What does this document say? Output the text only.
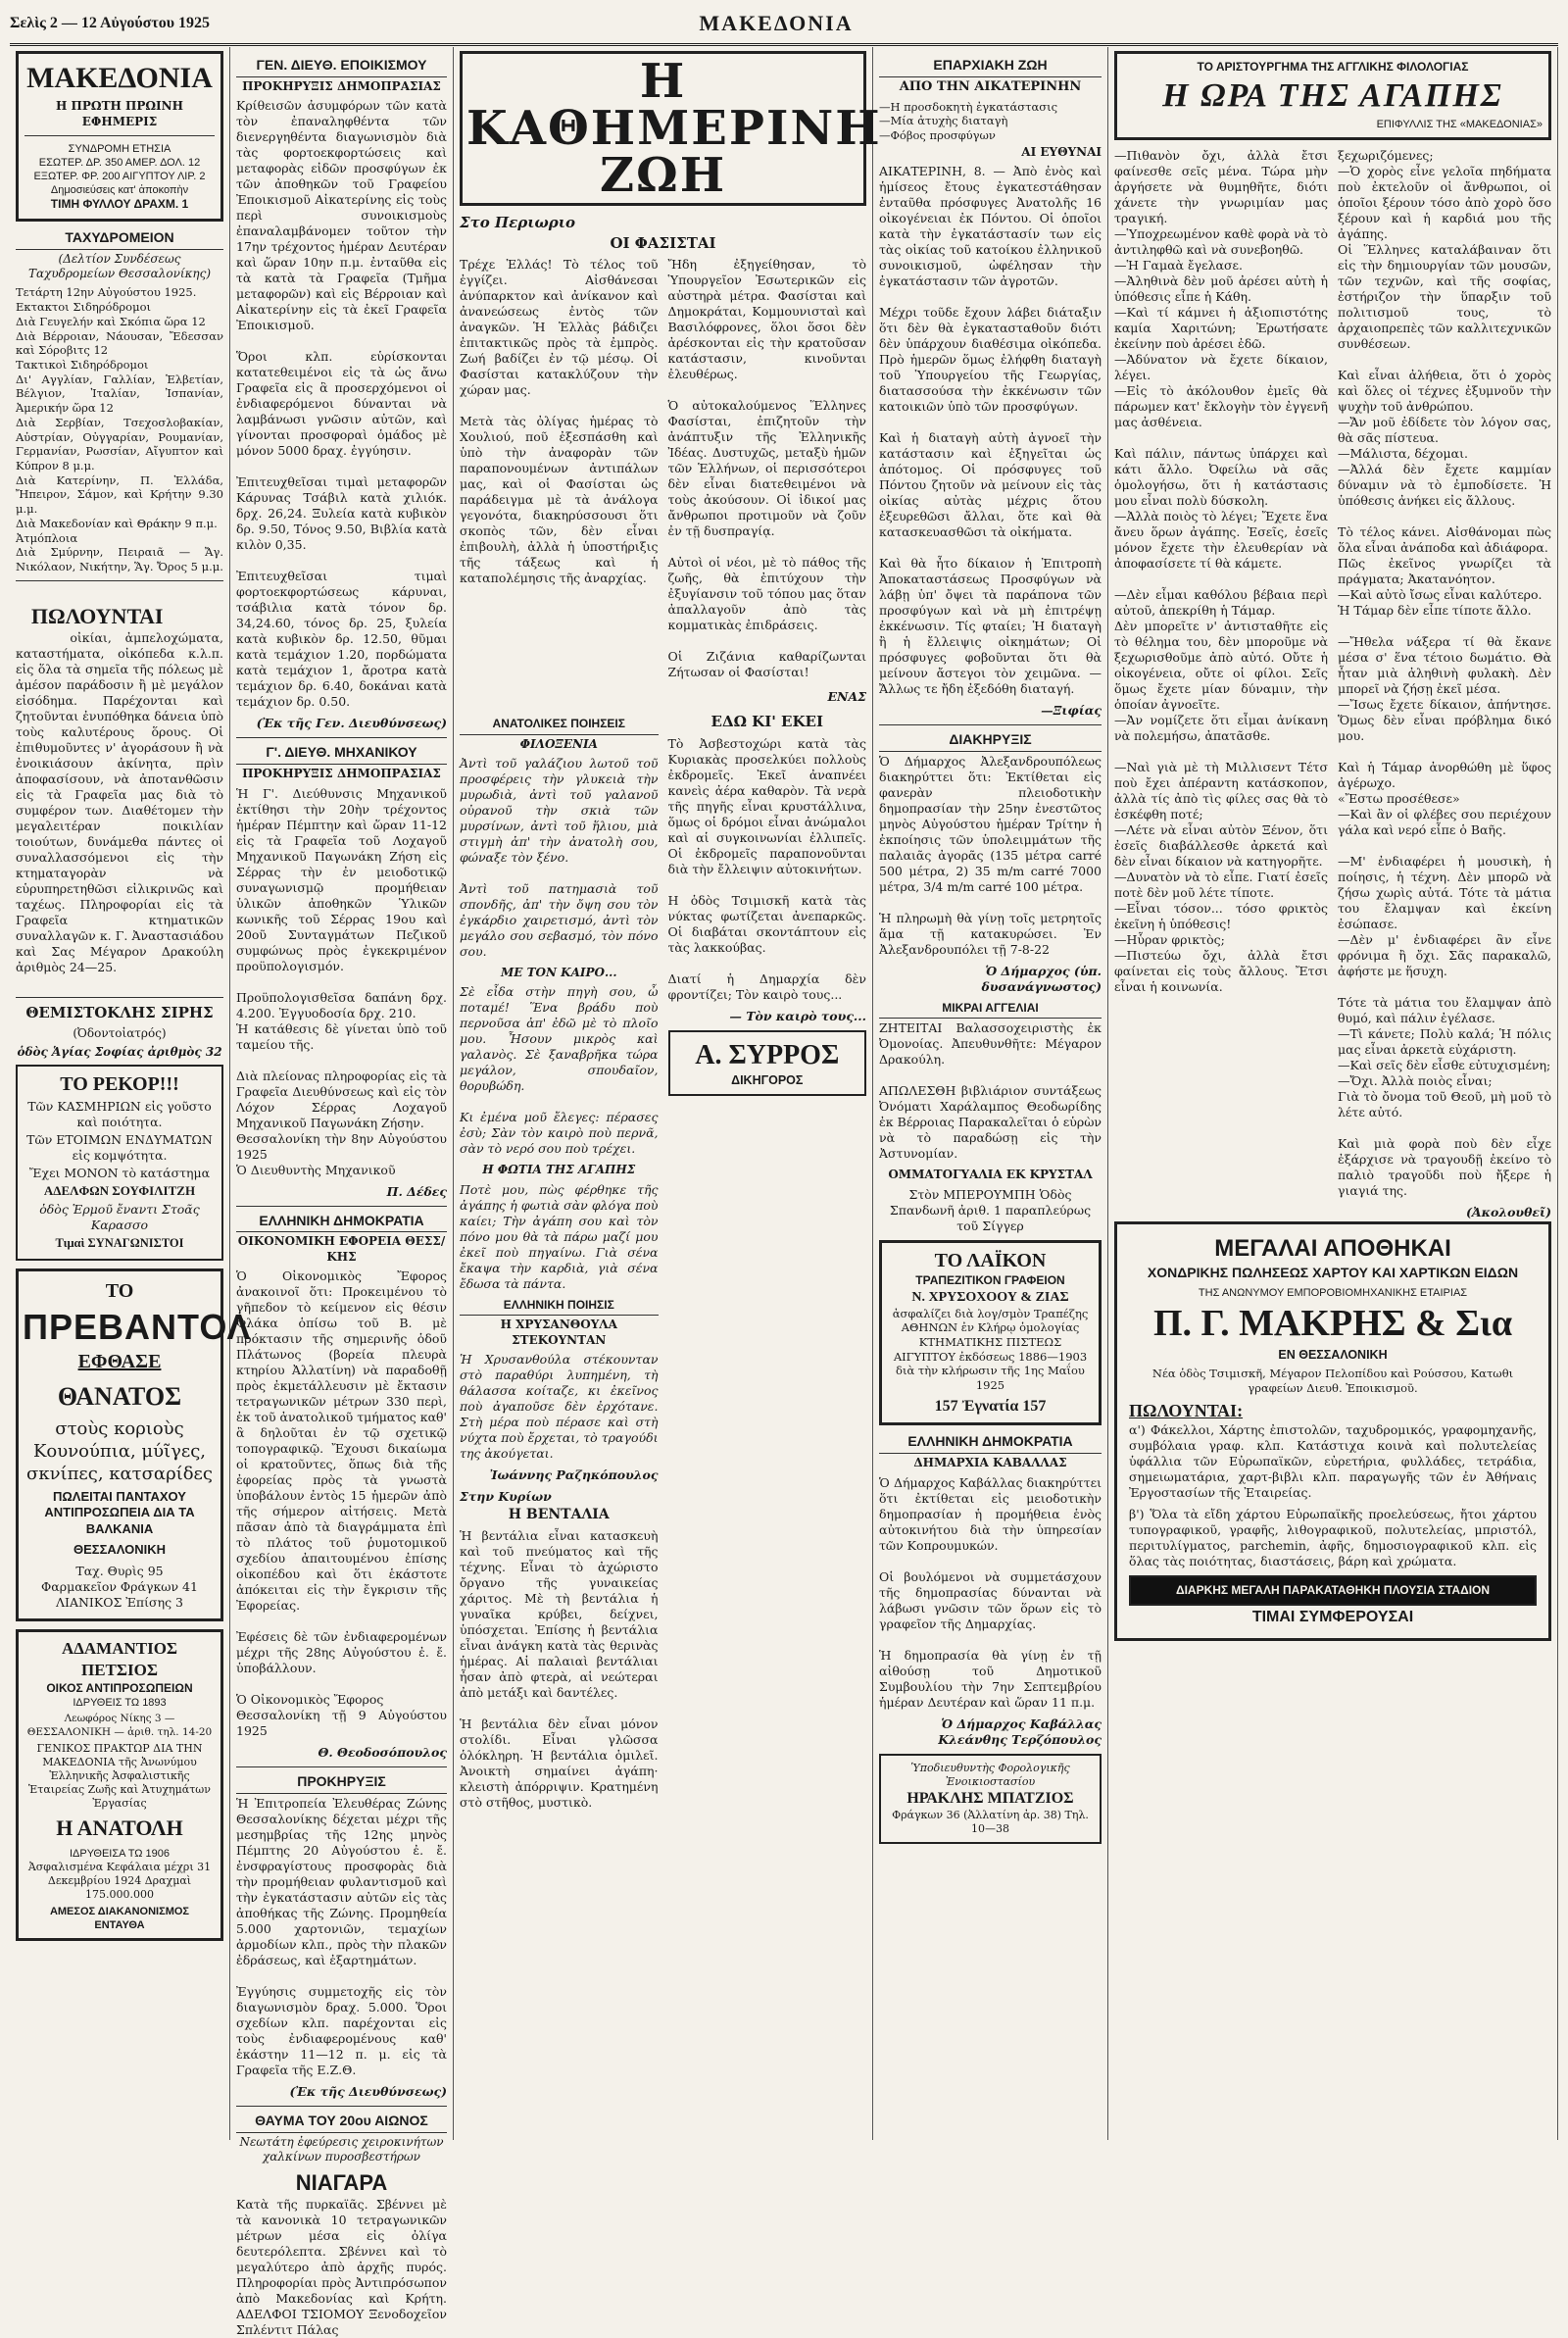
Σελὶς 2 — 12 Αὐγούστου 1925	ΜΑΚΕΔΟΝΙΑ
ΜΑΚΕΔΟΝΙΑ
Η ΠΡΩΤΗ ΠΡΩΙΝΗ ΕΦΗΜΕΡΙΣ
ΣΥΝΔΡΟΜΗ ΕΤΗΣΙΑ
ΕΣΩΤΕΡ. ΔΡ. 350 ΑΜΕΡ. ΔΟΛ. 12
ΕΞΩΤΕΡ. ΦΡ. 200 ΑΙΓΥΠΤΟΥ ΛΙΡ. 2
Δημοσιεύσεις κατ' ἀποκοπὴν
ΤΙΜΗ ΦΥΛΛΟΥ ΔΡΑΧΜ. 1
ΤΑΧΥΔΡΟΜΕΙΟΝ
(Δελτίον Συνδέσεως Ταχυδρομείων Θεσσαλονίκης)
Τετάρτη 12ην Αὐγούστου 1925.
Εκτακτοι Σιδηρόδρομοι
Διὰ Γευγελήν καὶ Σκόπια ὥρα 12
Διὰ Βέρροιαν, Νάουσαν, Ἔδεσσαν καὶ Σόροβιτς 12
Τακτικοὶ Σιδηρόδρομοι
Δι' Αγγλίαν, Γαλλίαν, Ἑλβετίαν, Βέλγιον, Ἰταλίαν, Ἰσπανίαν, Ἀμερικήν ὥρα 12
Διὰ Σερβίαν, Τσεχοσλοβακίαν, Αὐστρίαν, Οὐγγαρίαν, Ρουμανίαν, Γερμανίαν, Ρωσσίαν, Αἴγυπτον καὶ Κύπρον 8 μ.μ.
Διὰ Κατερίνην, Π. Ἑλλάδα, Ἤπειρον, Σάμον, καὶ Κρήτην 9.30 μ.μ.
Διὰ Μακεδονίαν καὶ Θράκην 9 π.μ.
Ἀτμόπλοια
Διὰ Σμύρνην, Πειραιᾶ — Ἄγ. Νικόλαον, Νικήτην, Ἅγ. Ὄρος 5 μ.μ.

ΠΩΛΟΥΝΤΑΙ
οἰκίαι, ἀμπελοχώματα, καταστήματα, οἰκόπεδα κ.λ.π. εἰς ὅλα τὰ σημεῖα τῆς πόλεως μὲ ἀμέσον παράδοσιν ἢ μὲ μεγάλον εἰσόδημα. Παρέχονται καὶ ζητοῦνται ἐνυπόθηκα δάνεια ὑπὸ τοὺς καλυτέρους ὅρους. Οἱ ἐπιθυμοῦντες ν' ἀγοράσουν ἢ νὰ ἐνοικιάσουν ἀκίνητα, πρὶν ἀποφασίσουν, νὰ ἀποτανθῶσιν εἰς τὰ Γραφεῖα μας διὰ τὸ συμφέρον των. Διαθέτομεν τὴν μεγαλειτέραν ποικιλίαν τοιούτων, δυνάμεθα πάντες οἱ συναλλασσόμενοι εἰς τὴν κτηματαγορὰν νὰ εὑρυπηρετηθῶσι εἰλικρινῶς καὶ ταχέως. Πληροφορίαι εἰς τὰ Γραφεῖα κτηματικῶν συναλλαγῶν κ. Γ. Ἀναστασιάδου καὶ Σας Μέγαρον Δρακούλη ἀριθμὸς 24—25.

ΘΕΜΙΣΤΟΚΛΗΣ ΣΙΡΗΣ
(Ὀδοντοἰατρός)
ὁδὸς Ἁγίας Σοφίας ἀριθμὸς 32
ΤΟ ΡΕΚΟΡ!!!
Τῶν ΚΑΣΜΗΡΙΩΝ εἰς γοῦστο καὶ ποιότητα.
Τῶν ΕΤΟΙΜΩΝ ΕΝΔΥΜΑΤΩΝ εἰς κομψότητα.
Ἔχει ΜΟΝΟΝ τὸ κατάστημα
ΑΔΕΛΦΩΝ ΣΟΥΦΙΛΙΤΖΗ
ὁδὸς Ἑρμοῦ ἔναντι Στοᾶς Καρασσο
Τιμαὶ ΣΥΝΑΓΩΝΙΣΤΟΙ
ΤΟ
ΠΡΕΒΑΝΤΟΛ
ΕΦΘΑΣΕ
ΘΑΝΑΤΟΣ
στοὺς κοριοὺς Κουνούπια, μύῖγες, σκνίπες, κατσαρίδες
ΠΩΛΕΙΤΑΙ ΠΑΝΤΑΧΟΥ
ΑΝΤΙΠΡΟΣΩΠΕΙΑ ΔΙΑ ΤΑ ΒΑΛΚΑΝΙΑ
ΘΕΣΣΑΛΟΝΙΚΗ
Ταχ. Θυρὶς 95
Φαρμακεῖον Φράγκων 41
ΛΙΑΝΙΚΟΣ Ἐπίσης 3
ΑΔΑΜΑΝΤΙΟΣ ΠΕΤΣΙΟΣ
ΟΙΚΟΣ ΑΝΤΙΠΡΟΣΩΠΕΙΩΝ
ΙΔΡΥΘΕΙΣ ΤΩ 1893
Λεωφόρος Νίκης 3 — ΘΕΣΣΑΛΟΝΙΚΗ — ἀριθ. τηλ. 14-20
ΓΕΝΙΚΟΣ ΠΡΑΚΤΩΡ ΔΙΑ ΤΗΝ ΜΑΚΕΔΟΝΙΑ τῆς Ἀνωνύμου Ἑλληνικῆς Ἀσφαλιστικῆς Ἑταιρείας Ζωῆς καὶ Ἀτυχημάτων Ἐργασίας
Η ΑΝΑΤΟΛΗ
ΙΔΡΥΘΕΙΣΑ ΤΩ 1906
Ἀσφαλισμένα Κεφάλαια μέχρι 31 Δεκεμβρίου 1924 Δραχμαὶ 175.000.000
ΑΜΕΣΟΣ ΔΙΑΚΑΝΟΝΙΣΜΟΣ ΕΝΤΑΥΘΑ
ΓΕΝ. ΔΙΕΥΘ. ΕΠΟΙΚΙΣΜΟΥ
ΠΡΟΚΗΡΥΞΙΣ ΔΗΜΟΠΡΑΣΙΑΣ
Κρίθεισῶν ἀσυμφόρων τῶν κατὰ τὸν ἐπαναληφθέντα τῶν διενεργηθέντα διαγωνισμὸν διὰ τὰς φορτοεκφορτώσεις καὶ μεταφορὰς εἰδῶν προσφύγων ἐκ τῶν ἀποθηκῶν τοῦ Γραφείου Ἐποικισμοῦ Αἰκατερίνης εἰς τοὺς περὶ συνοικισμοὺς ἐπαναλαμβάνομεν τοῦτον τὴν 17ην τρέχοντος ἡμέραν Δευτέραν καὶ ὥραν 10ην π.μ. ἐνταῦθα εἰς τὰ κατὰ τὰ Γραφεῖα (Τμῆμα μεταφορῶν) καὶ εἰς Βέρροιαν καὶ Αἰκατερίνην εἰς τὰ ἐκεῖ Γραφεῖα Ἐποικισμοῦ.

Ὅροι κλπ. εὑρίσκονται κατατεθειμένοι εἰς τὰ ὡς ἄνω Γραφεῖα εἰς ἃ προσερχόμενοι οἱ ἐνδιαφερόμενοι δύνανται νὰ λαμβάνωσι γνῶσιν αὐτῶν, καὶ γίνονται προσφοραὶ ὁμάδος μὲ μόνον 5000 δραχ. ἐγγύησιν.

Ἐπιτευχθεῖσαι τιμαὶ μεταφορῶν Κάρυνας Τσάβιλ κατὰ χιλιόκ. δρχ. 26,24. Ξυλεία κατὰ κυβικὸν δρ. 9.50, Τόνος 9.50, Βιβλία κατὰ κιλὸν 0,35.

Ἐπιτευχθεῖσαι τιμαὶ φορτοεκφορτώσεως κάρυναι, τσάβιλια κατὰ τόνον δρ. 34,24.60, τόνος δρ. 25, ξυλεία κατὰ κυβικὸν δρ. 12.50, θῦμαι κατὰ τεμάχιον 1.20, πορδώματα κατὰ τεμάχιον 1, ἄροτρα κατὰ τεμάχιον δρ. 6.40, δοκάναι κατὰ τεμάχιον δρ. 0.50.
(Ἐκ τῆς Γεν. Διευθύνσεως)
Γ'. ΔΙΕΥΘ. ΜΗΧΑΝΙΚΟΥ
ΠΡΟΚΗΡΥΞΙΣ ΔΗΜΟΠΡΑΣΙΑΣ
Ἡ Γ'. Διεύθυνσις Μηχανικοῦ ἐκτίθησι τὴν 20ὴν τρέχοντος ἡμέραν Πέμπτην καὶ ὥραν 11-12 εἰς τὰ Γραφεῖα τοῦ Λοχαγοῦ Μηχανικοῦ Παγωνάκη Ζήση εἰς Σέρρας τὴν ἐν μειοδοτικῷ συναγωνισμῷ προμήθειαν ὑλικῶν ἀποθηκῶν Ὑλικῶν κωνικῆς τοῦ Σέρρας 19ου καὶ 20οῦ Συνταγμάτων Πεζικοῦ συμφώνως πρὸς ἐγκεκριμένον προϋπολογισμόν.

Προϋπολογισθεῖσα δαπάνη δρχ. 4.200. Ἐγγυοδοσία δρχ. 210.
Ἡ κατάθεσις δὲ γίνεται ὑπὸ τοῦ ταμείου τῆς.

Διὰ πλείονας πληροφορίας εἰς τὰ Γραφεῖα Διευθύνσεως καὶ εἰς τὸν Λόχον Σέρρας Λοχαγοῦ Μηχανικοῦ Παγωνάκη Ζήσην.
Θεσσαλονίκη τὴν 8ην Αὐγούστου 1925
Ὁ Διευθυντὴς Μηχανικοῦ
Π. Δέδες
ΕΛΛΗΝΙΚΗ ΔΗΜΟΚΡΑΤΙΑ
ΟΙΚΟΝΟΜΙΚΗ ΕΦΟΡΕΙΑ ΘΕΣΣ/ΚΗΣ
Ὁ Οἰκονομικὸς Ἔφορος ἀνακοινοῖ ὅτι: Προκειμένου τὸ γῆπεδον τὸ κείμενον εἰς θέσιν Φλάκα ὁπίσω τοῦ Β. μὲ πρόκτασιν τῆς σημερινῆς ὁδοῦ Πλάτωνος (βορεία πλευρὰ κτηρίου Ἀλλατίνη) νὰ παραδοθῇ πρὸς ἐκμετάλλευσιν μὲ ἔκτασιν τετραγωνικῶν μέτρων 330 περὶ, ἐκ τοῦ ἀνατολικοῦ τμήματος καθ' ἃ δηλοῦται ἐν τῷ σχετικῷ τοπογραφικῷ. Ἔχουσι δικαίωμα οἱ κρατοῦντες, ὅπως διὰ τῆς ἐφορείας πρὸς τὰ γνωστὰ ὑποβάλουν ἐντὸς 15 ἡμερῶν ἀπὸ τῆς σήμερον αἰτήσεις. Μετὰ πᾶσαν ἀπὸ τὰ διαγράμματα ἐπὶ τὸ πλάτος τοῦ ῥυμοτομικοῦ σχεδίου ἀπαιτουμένου ἐπίσης οἰκοπέδου καὶ ὅτι ἑκάστοτε ἀπόκειται εἰς τὴν ἔγκρισιν τῆς Ἐφορείας.

Ἐφέσεις δὲ τῶν ἐνδιαφερομένων μέχρι τῆς 28ης Αὐγούστου ἐ. ἔ. ὑποβάλλουν.

Ὁ Οἰκονομικὸς Ἔφορος
Θεσσαλονίκη τῇ 9 Αὐγούστου 1925
Θ. Θεοδοσόπουλος
ΠΡΟΚΗΡΥΞΙΣ
Ἡ Ἐπιτροπεία Ἐλευθέρας Ζώνης Θεσσαλονίκης δέχεται μέχρι τῆς μεσημβρίας τῆς 12ης μηνὸς Πέμπτης 20 Αὐγούστου ἐ. ἔ. ἐνσφραγίστους προσφορὰς διὰ τὴν προμήθειαν φυλαντισμοῦ καὶ τὴν ἐγκατάστασιν αὐτῶν εἰς τὰς ἀποθήκας τῆς Ζώνης. Προμηθεία 5.000 χαρτονιῶν, τεμαχίων ἀρμοδίων κλπ., πρὸς τὴν πλακῶν ἐδράσεως, καὶ ἐξαρτημάτων.

Ἐγγύησις συμμετοχῆς εἰς τὸν διαγωνισμὸν δραχ. 5.000. Ὅροι σχεδίων κλπ. παρέχονται εἰς τοὺς ἐνδιαφερομένους καθ' ἑκάστην 11—12 π. μ. εἰς τὰ Γραφεῖα τῆς Ε.Ζ.Θ.
(Ἐκ τῆς Διευθύνσεως)
ΘΑΥΜΑ ΤΟΥ 20ου ΑΙΩΝΟΣ
Νεωτάτη ἐφεύρεσις χειροκινήτων χαλκίνων πυροσβεστήρων
ΝΙΑΓΑΡΑ
Κατὰ τῆς πυρκαϊᾶς. Σβέννει μὲ τὰ κανονικὰ 10 τετραγωνικῶν μέτρων μέσα εἰς ὀλίγα δευτερόλεπτα. Σβέννει καὶ τὸ μεγαλύτερο ἀπὸ ἀρχῆς πυρός. Πληροφορίαι πρὸς Ἀντιπρόσωπον ἀπὸ Μακεδονίας καὶ Κρήτη. ΑΔΕΛΦΟΙ ΤΣΙΟΜΟΥ Ξενοδοχεῖον Σπλέντιτ Πάλας
Η ΚΑΘΗΜΕΡΙΝΗ ΖΩΗ
Στο Περιωριο
ΟΙ ΦΑΣΙΣΤΑΙ
Τρέχε Ἑλλάς! Τὸ τέλος τοῦ ἐγγίζει. Αἰσθάνεσαι ἀνύπαρκτον καὶ ἀνίκανον καὶ ἀνανεώσεως ἐντὸς τῶν ἀναγκῶν. Ἡ Ἑλλὰς βάδιζει ἐπιτακτικῶς πρὸς τὰ ἐμπρὸς. Ζωή βαδίζει ἐν τῷ μέσῳ. Οἱ Φασίσται κατακλύζουν τὴν χώραν μας.

Μετὰ τὰς ὀλίγας ἡμέρας τὸ Χουλιού, ποῦ ἐξεσπάσθη καὶ ὑπὸ τὴν ἀναφορὰν τῶν παραπονουμένων ἀντιπάλων μας, καὶ οἱ Φασίσται ὡς παράδειγμα μὲ τὰ ἀνάλογα γεγονότα, διακηρύσσουσι ὅτι σκοπὸς τῶν, δὲν εἶναι ἐπιβουλὴ, ἀλλὰ ἡ ὑποστήριξις τῆς τάξεως καὶ ἡ καταπολέμησις τῆς ἀναρχίας.
Ἤδη ἐξηγείθησαν, τὸ Ὑπουργεῖον Ἐσωτερικῶν εἰς αὐστηρὰ μέτρα. Φασίσται καὶ Δημοκράται, Κομμουνισταὶ καὶ Βασιλόφρονες, ὅλοι ὅσοι δὲν ἀρέσκονται εἰς τὴν κρατοῦσαν κατάστασιν, κινοῦνται ἐλευθέρως.

Ὁ αὐτοκαλούμενος Ἕλληνες Φασίσται, ἐπιζητοῦν τὴν ἀνάπτυξιν τῆς Ἑλληνικῆς Ἰδέας. Δυστυχῶς, μεταξὺ ἡμῶν τῶν Ἑλλήνων, οἱ περισσότεροι δὲν εἶναι διατεθειμένοι νὰ τοὺς ἀκούσουν. Οἱ ἰδικοί μας ἄνθρωποι προτιμοῦν νὰ ζοῦν ἐν τῇ δυσπραγίᾳ.

Αὐτοὶ οἱ νέοι, μὲ τὸ πάθος τῆς ζωῆς, θὰ ἐπιτύχουν τὴν ἐξυγίανσιν τοῦ τόπου μας ὅταν ἀπαλλαγοῦν ἀπὸ τὰς κομματικὰς ἐπιδράσεις.

Οἱ Ζιζάνια καθαρίζωνται Ζήτωσαν οἱ Φασίσται!
ΕΝΑΣ
ΑΝΑΤΟΛΙΚΕΣ ΠΟΙΗΣΕΙΣ
ΦΙΛΟΞΕΝΙΑ
Ἀντὶ τοῦ γαλάζιου λωτοῦ τοῦ προσφέρεις τὴν γλυκειὰ τὴν μυρωδιὰ, ἀντὶ τοῦ γαλανοῦ οὐρανοῦ τὴν σκιὰ τῶν μυρσίνων, ἀντὶ τοῦ ἥλιου, μιὰ στιγμὴ ἀπ' τὴν ἀνατολὴ σου, φώναξε τὸν ξένο.

Ἀντὶ τοῦ πατημασιὰ τοῦ σπονδῆς, ἀπ' τὴν ὄψη σου τὸν ἐγκάρδιο χαιρετισμό, ἀντὶ τὸν μεγάλο σου σεβασμό, τὸν πόνο σου.
ΜΕ ΤΟΝ ΚΑΙΡΟ...
Σὲ εἶδα στὴν πηγὴ σου, ὦ ποταμέ! Ἕνα βράδυ ποὺ περνοῦσα ἀπ' ἐδῶ μὲ τὸ πλοῖο μου. Ἦσουν μικρὸς καὶ γαλανὸς. Σὲ ξαναβρῆκα τώρα μεγάλον, σπουδαῖον, θορυβώδη.

Κι ἐμένα μοῦ ἔλεγες: πέρασες ἐσὺ; Σὰν τὸν καιρὸ ποὺ περνᾶ, σὰν τὸ νερό σου ποὺ τρέχει.
Η ΦΩΤΙΑ ΤΗΣ ΑΓΑΠΗΣ
Ποτὲ μου, πὼς φέρθηκε τῆς ἀγάπης ἡ φωτιὰ σὰν φλόγα ποὺ καίει; Τὴν ἀγάπη σου καὶ τὸν πόνο μου θὰ τὰ πάρω μαζί μου ἐκεῖ ποὺ πηγαίνω. Γιὰ σένα ἔκαψα τὴν καρδιὰ, γιὰ σένα ἔδωσα τὰ πάντα.
ΕΛΛΗΝΙΚΗ ΠΟΙΗΣΙΣ
Η ΧΡΥΣΑΝΘΟΥΛΑ ΣΤΕΚΟΥΝΤΑΝ
Ἡ Χρυσανθούλα στέκουνταν στὸ παραθύρι λυπημένη, τὴ θάλασσα κοίταζε, κι ἐκεῖνος ποὺ ἀγαποῦσε δὲν ἐρχότανε. Στὴ μέρα ποὺ πέρασε καὶ στὴ νύχτα ποὺ ἔρχεται, τὸ τραγούδι της ἀκούγεται.
Ἰωάννης Ραζηκόπουλος
Στην Κυρίων
Η ΒΕΝΤΑΛΙΑ
Ἡ βεντάλια εἶναι κατασκευὴ καὶ τοῦ πνεύματος καὶ τῆς τέχνης. Εἶναι τὸ ἀχώριστο ὄργανο τῆς γυναικείας χάριτος. Μὲ τὴ βεντάλια ἡ γυναῖκα κρύβει, δείχνει, ὑπόσχεται. Ἐπίσης ἡ βεντάλια εἶναι ἀνάγκη κατὰ τὰς θερινὰς ἡμέρας. Αἱ παλαιαὶ βεντάλιαι ἦσαν ἀπὸ φτερὰ, αἱ νεώτεραι ἀπὸ μετάξι καὶ δαντέλες.

Ἡ βεντάλια δὲν εἶναι μόνον στολίδι. Εἶναι γλῶσσα ὁλόκληρη. Ἡ βεντάλια ὁμιλεῖ. Ἀνοικτὴ σημαίνει ἀγάπη· κλειστὴ ἀπόρριψιν. Κρατημένη στὸ στῆθος, μυστικὸ.
ΕΔΩ ΚΙ' ΕΚΕΙ
Τὸ Ἀσβεστοχώρι κατὰ τὰς Κυριακὰς προσελκύει πολλοὺς ἐκδρομεῖς. Ἐκεῖ ἀναπνέει κανεὶς ἀέρα καθαρὸν. Τὰ νερὰ τῆς πηγῆς εἶναι κρυστάλλινα, ὅμως οἱ δρόμοι εἶναι ἀνώμαλοι καὶ αἱ συγκοινωνίαι ἐλλιπεῖς. Οἱ ἐκδρομεῖς παραπονοῦνται διὰ τὴν ἔλλειψιν αὐτοκινήτων.

Η ὁδὸς Τσιμισκῆ κατὰ τὰς νύκτας φωτίζεται ἀνεπαρκῶς. Οἱ διαβάται σκοντάπτουν εἰς τὰς λακκούβας.

Διατί ἡ Δημαρχία δὲν φροντίζει; Τὸν καιρὸ τους...
— Τὸν καιρὸ τους...
Α. ΣΥΡΡΟΣ
ΔΙΚΗΓΟΡΟΣ
ΕΠΑΡΧΙΑΚΗ ΖΩΗ
ΑΠΟ ΤΗΝ ΑΙΚΑΤΕΡΙΝΗΝ
—Η προσδοκητὴ ἐγκατάστασις
—Μία ἀτυχὴς διαταγὴ
—Φόβος προσφύγων
ΑΙ ΕΥΘΥΝΑΙ
ΑΙΚΑΤΕΡΙΝΗ, 8. — Ἀπὸ ἐνὸς καὶ ἡμίσεος ἔτους ἐγκατεστάθησαν ἐνταῦθα πρόσφυγες Ἀνατολῆς 16 οἰκογένειαι ἐκ Πόντου. Οἱ ὁποῖοι κατὰ τὴν ἐγκατάστασίν των εἰς τὰς οἰκίας τοῦ κατοίκου ἐλληνικοῦ συνοικισμοῦ, ὠφέλησαν τὴν ἐγκατάστασιν τῶν ἀγροτῶν.

Μέχρι τοῦδε ἔχουν λάβει διάταξιν ὅτι δὲν θὰ ἐγκατασταθοῦν διότι δὲν ὑπάρχουν διαθέσιμα οἰκόπεδα. Πρὸ ἡμερῶν ὅμως ἐλήφθη διαταγὴ τοῦ Ὑπουργείου τῆς Γεωργίας, διατασσούσα τὴν ἐκκένωσιν τῶν κατοικιῶν ὑπὸ τῶν προσφύγων.

Καὶ ἡ διαταγὴ αὐτὴ ἀγνοεῖ τὴν κατάστασιν καὶ ἐξηγεῖται ὡς ἀπότομος. Οἱ πρόσφυγες τοῦ Πόντου ζητοῦν νὰ μείνουν εἰς τὰς οἰκίας αὐτὰς μέχρις ὅτου ἐξευρεθῶσι ἄλλαι, ὅτε καὶ θὰ κατασκευασθῶσι τὰ οἰκήματα.

Καὶ θὰ ἦτο δίκαιον ἡ Ἐπιτροπὴ Ἀποκαταστάσεως Προσφύγων νὰ λάβῃ ὑπ' ὄψει τὰ παράπονα τῶν προσφύγων καὶ νὰ μὴ ἐπιτρέψῃ ἐκκένωσιν. Τίς φταίει; Ἡ διαταγὴ ἢ ἡ ἔλλειψις οἰκημάτων; Οἱ πρόσφυγες φοβοῦνται ὅτι θὰ μείνουν ἄστεγοι τὸν χειμῶνα. — Ἄλλως τε ἤδη ἐξεδόθη διαταγή.
—Ξιφίας
ΔΙΑΚΗΡΥΞΙΣ
Ὁ Δήμαρχος Ἀλεξανδρουπόλεως διακηρύττει ὅτι: Ἐκτίθεται εἰς φανερὰν πλειοδοτικὴν δημοπρασίαν τὴν 25ην ἐνεστῶτος μηνὸς Αὐγούστου ἡμέραν Τρίτην ἡ ἐκποίησις τῶν ὑπολειμμάτων τῆς παλαιᾶς ἀγορᾶς (135 μέτρα carré 500 μέτρα, 2) 35 m/m carré 7000 μέτρα, 3/4 m/m carré 100 μέτρα.

Ἡ πληρωμὴ θὰ γίνῃ τοῖς μετρητοῖς ἅμα τῇ κατακυρώσει. Ἐν Ἀλεξανδρουπόλει τῇ 7-8-22
Ὁ Δήμαρχος (ὑπ. δυσανάγνωστος)
ΜΙΚΡΑΙ ΑΓΓΕΛΙΑΙ
ΖΗΤΕΙΤΑΙ Βαλασσοχειριστὴς ἐκ Ὀμονοίας. Ἀπευθυνθῆτε: Μέγαρον Δρακούλη.

ΑΠΩΛΕΣΘΗ βιβλιάριον συντάξεως Ὀνόματι Χαράλαμπος Θεοδωρίδης ἐκ Βέρροιας Παρακαλεῖται ὁ εὑρὼν νὰ τὸ παραδώσῃ εἰς τὴν Ἀστυνομίαν.
ΟΜΜΑΤΟΓΥΑΛΙΑ ΕΚ ΚΡΥΣΤΑΛ
Στὸν ΜΠΕΡΟΥΜΠΗ Ὁδὸς Σπανδωνῆ ἀριθ. 1 παραπλεύρως τοῦ Σίγγερ
ΤΟ ΛΑΪΚΟΝ
ΤΡΑΠΕΖΙΤΙΚΟΝ ΓΡΑΦΕΙΟΝ
Ν. ΧΡΥΣΟΧΟΟΥ & ΖΙΑΣ
ἀσφαλίζει διὰ λογ/σμὸν Τραπέζης ΑΘΗΝΩΝ ἐν Κλήρῳ ὁμολογίας ΚΤΗΜΑΤΙΚΗΣ ΠΙΣΤΕΩΣ ΑΙΓΥΠΤΟΥ ἐκδόσεως 1886—1903 διὰ τὴν κλήρωσιν τῆς 1ης Μαΐου 1925
157 Ἐγνατία 157
ΕΛΛΗΝΙΚΗ ΔΗΜΟΚΡΑΤΙΑ
ΔΗΜΑΡΧΙΑ ΚΑΒΑΛΛΑΣ
Ὁ Δήμαρχος Καβάλλας διακηρύττει ὅτι ἐκτίθεται εἰς μειοδοτικὴν δημοπρασίαν ἡ προμήθεια ἑνὸς αὐτοκινήτου διὰ τὴν ὑπηρεσίαν τῶν Κοπρουμυκών.

Οἱ βουλόμενοι νὰ συμμετάσχουν τῆς δημοπρασίας δύνανται νὰ λάβωσι γνῶσιν τῶν ὅρων εἰς τὸ γραφεῖον τῆς Δημαρχίας.

Ἡ δημοπρασία θὰ γίνῃ ἐν τῇ αἰθούσῃ τοῦ Δημοτικοῦ Συμβουλίου τὴν 7ην Σεπτεμβρίου ἡμέραν Δευτέραν καὶ ὥραν 11 π.μ.
Ὁ Δήμαρχος Καβάλλας Κλεάνθης Τερζόπουλος
Ὑποδιευθυντὴς Φορολογικῆς Ἐνοικιοστασίου
ΗΡΑΚΛΗΣ ΜΠΑΤΖΙΟΣ
Φράγκων 36 (Ἀλλατίνη ἀρ. 38) Τηλ. 10—38
ΤΟ ΑΡΙΣΤΟΥΡΓΗΜΑ ΤΗΣ ΑΓΓΛΙΚΗΣ ΦΙΛΟΛΟΓΙΑΣ
Η ΩΡΑ ΤΗΣ ΑΓΑΠΗΣ
ΕΠΙΦΥΛΛΙΣ ΤΗΣ «ΜΑΚΕΔΟΝΙΑΣ»
—Πιθανὸν ὄχι, ἀλλὰ ἔτσι φαίνεσθε σεῖς μένα. Τώρα μὴν ἀργήσετε νὰ θυμηθῆτε, διότι χάνετε τὴν γνωριμίαν μας τραγική.
—Ὑποχρεωμένον καθὲ φορὰ νὰ τὸ ἀντιληφθῶ καὶ νὰ συνεβοηθῶ.
—Ἡ Γαμαὰ ἔγελασε.
—Ἀληθινὰ δὲν μοῦ ἀρέσει αὐτὴ ἡ ὑπόθεσις εἶπε ἡ Κάθη.
—Καὶ τί κάμνει ἡ ἀξιοπιστότης καμία Χαριτώνη; Ἐρωτήσατε ἐκείνην ποὺ ἀρέσει ἐδῶ.
—Ἀδύνατον νὰ ἔχετε δίκαιον, λέγει.
—Εἰς τὸ ἀκόλουθον ἐμεῖς θὰ πάρωμεν κατ' ἔκλογὴν τὸν ἐγγενῆ μας ἀσθένεια.

Καὶ πάλιν, πάντως ὑπάρχει καὶ κάτι ἄλλο. Ὀφείλω νὰ σᾶς ὁμολογήσω, ὅτι ἡ κατάστασις μου εἶναι πολὺ δύσκολη.
—Ἀλλὰ ποιὸς τὸ λέγει; Ἔχετε ἕνα ἄνευ ὅρων ἀγάπης. Ἐσεῖς, ἐσεῖς μόνον ἔχετε τὴν ἐλευθερίαν νὰ ἀποφασίσετε τί θὰ κάμετε.

—Δὲν εἶμαι καθόλου βέβαια περὶ αὐτοῦ, ἀπεκρίθη ἡ Τάμαρ.
Δὲν μπορεῖτε ν' ἀντισταθῆτε εἰς τὸ θέλημα του, δὲν μποροῦμε νὰ ξεχωρισθοῦμε ἀπὸ αὐτό. Οὔτε ἡ οἰκογένεια, οὔτε οἱ φίλοι. Σεῖς ὅμως ἔχετε μίαν δύναμιν, τὴν ὁποίαν ἀγνοεῖτε.
—Ἀν νομίζετε ὅτι εἶμαι ἀνίκανη νὰ πολεμήσω, ἀπατᾶσθε.

—Ναὶ γιὰ μὲ τὴ Μιλλισεντ Τέτσ ποὺ ἔχει ἀπέραντη κατάσκοπον, ἀλλὰ τίς ἀπὸ τὶς φίλες σας θὰ τὸ ἐσκέφθη ποτέ;
—Λέτε νὰ εἶναι αὐτὸν Ξένον, ὅτι ἐσεῖς διαβάλλεσθε ἀρκετά καὶ δὲν εἶναι δίκαιον νὰ κατηγορῆτε.
—Δυνατὸν νὰ τὸ εἶπε. Γιατί ἐσεῖς ποτὲ δὲν μοῦ λέτε τίποτε.
—Εἶναι τόσον... τόσο φρικτὸς ἐκεῖνη ἡ ὑπόθεσις!
—Ηὗραν φρικτὸς;
—Πιστεύω ὄχι, ἀλλὰ ἔτσι φαίνεται εἰς τοὺς ἄλλους. Ἔτσι εἶναι ἡ κοινωνία.
ξεχωριζόμενες;
—Ὁ χορὸς εἶνε γελοῖα πηδήματα ποὺ ἐκτελοῦν οἱ ἄνθρωποι, οἱ ὁποῖοι ξέρουν τόσο ἀπὸ χορὸ ὅσο ξέρουν καὶ ἡ καρδιά μου τῆς ἀγάπης.
Οἱ Ἕλληνες καταλάβαιναν ὅτι εἰς τὴν δημιουργίαν τῶν μουσῶν, τῶν τεχνῶν, καὶ τῆς σοφίας, ἐστήριζον τὴν ὕπαρξιν τοῦ πολιτισμοῦ τους, τὸ ἀρχαιοπρεπὲς τῶν καλλιτεχνικῶν συνθέσεων.

Καὶ εἶναι ἀλήθεια, ὅτι ὁ χορὸς καὶ ὅλες οἱ τέχνες ἐξυμνοῦν τὴν ψυχὴν τοῦ ἀνθρώπου.
—Ἄν μοῦ ἐδίδετε τὸν λόγον σας, θὰ σᾶς πίστευα.
—Μάλιστα, δέχομαι.
—Ἀλλά δὲν ἔχετε καμμίαν δύναμιν νὰ τὸ ἐμποδίσετε. Ἡ ὑπόθεσις ἀνήκει εἰς ἄλλους.

Τὸ τέλος κάνει. Αἰσθάνομαι πὼς ὅλα εἶναι ἀνάποδα καὶ ἀδιάφορα.
Πῶς ἐκεῖνος γνωρίζει τὰ πράγματα; Ἀκατανόητον.
—Καὶ αὐτὸ ἴσως εἶναι καλύτερο.
Ἡ Τάμαρ δὲν εἶπε τίποτε ἄλλο.

—Ἤθελα νάξερα τί θὰ ἔκανε μέσα σ' ἕνα τέτοιο δωμάτιο. Θὰ ἦταν μιὰ ἀληθινὴ φυλακὴ. Δὲν μπορεῖ νὰ ζήσῃ ἐκεῖ μέσα.
—Ἴσως ἔχετε δίκαιον, ἀπήντησε. Ὅμως δὲν εἶναι πρόβλημα δικό μου.

Καὶ ἡ Τάμαρ ἀνορθώθη μὲ ὕφος ἀγέρωχο.
«Ἔστω προσέθεσε»
—Καὶ ἂν οἱ φλέβες σου περιέχουν γάλα καὶ νερό εἶπε ὁ Βαῆς.

—Μ' ἐνδιαφέρει ἡ μουσικὴ, ἡ ποίησις, ἡ τέχνη. Δὲν μπορῶ νὰ ζήσω χωρὶς αὐτά. Τότε τὰ μάτια του ἔλαμψαν καὶ ἐκείνη ἐσώπασε.
—Δὲν μ' ἐνδιαφέρει ἂν εἶνε φρόνιμα ἢ ὄχι. Σᾶς παρακαλῶ, ἀφήστε με ἥσυχη.

Τότε τὰ μάτια του ἔλαμψαν ἀπὸ θυμό, καὶ πάλιν ἐγέλασε.
—Τὶ κάνετε; Πολὺ καλά; Ἡ πόλις μας εἶναι ἀρκετὰ εὐχάριστη.
—Καὶ σεῖς δὲν εἶσθε εὐτυχισμένη;
—Ὄχι. Ἀλλὰ ποιὸς εἶναι;
Γιὰ τὸ ὄνομα τοῦ Θεοῦ, μὴ μοῦ τὸ λέτε αὐτό.

Καὶ μιὰ φορὰ ποὺ δὲν εἶχε ἐξάρχισε νὰ τραγουδῇ ἐκείνο τὸ παλιὸ τραγοῦδι ποὺ ἤξερε ἡ γιαγιά της.
(Ἀκολουθεῖ)
ΜΕΓΑΛΑΙ ΑΠΟΘΗΚΑΙ
ΧΟΝΔΡΙΚΗΣ ΠΩΛΗΣΕΩΣ ΧΑΡΤΟΥ ΚΑΙ ΧΑΡΤΙΚΩΝ ΕΙΔΩΝ
ΤΗΣ ΑΝΩΝΥΜΟΥ ΕΜΠΟΡΟΒΙΟΜΗΧΑΝΙΚΗΣ ΕΤΑΙΡΙΑΣ
Π. Γ. ΜΑΚΡΗΣ & Σια
ΕΝ ΘΕΣΣΑΛΟΝΙΚΗ
Νέα ὁδὸς Τσιμισκῆ, Μέγαρον Πελοπίδου καὶ Ρούσσου, Κατωθι γραφείων Διευθ. Ἐποικισμοῦ.
ΠΩΛΟΥΝΤΑΙ:
α') Φάκελλοι, Χάρτης ἐπιστολῶν, ταχυδρομικός, γραφομηχανῆς, συμβόλαια γραφ. κλπ. Κατάστιχα κοινὰ καὶ πολυτελείας ὑφάλλια τῶν Εὐρωπαϊκῶν, εὐρετήρια, φυλλάδες, τετράδια, σημειωματάρια, χαρτ-βιβλι κλπ. παραγωγῆς τῶν ἐν Ἀθήναις Ἐργοστασίων τῆς Ἐταιρείας.
β') Ὅλα τὰ εἴδη χάρτου Εὐρωπαϊκῆς προελεύσεως, ἤτοι χάρτου τυπογραφικοῦ, γραφῆς, λιθογραφικοῦ, πολυτελείας, μπριστόλ, περιτυλίγματος, parchemin, ἀφῆς, δημοσιογραφικοῦ κλπ. εἰς ὅλας τὰς ποιότητας, διαστάσεις, βάρη καὶ χρώματα.
ΔΙΑΡΚΗΣ ΜΕΓΑΛΗ ΠΑΡΑΚΑΤΑΘΗΚΗ ΠΛΟΥΣΙΑ ΣΤΑΔΙΟΝ
ΤΙΜΑΙ ΣΥΜΦΕΡΟΥΣΑΙ
